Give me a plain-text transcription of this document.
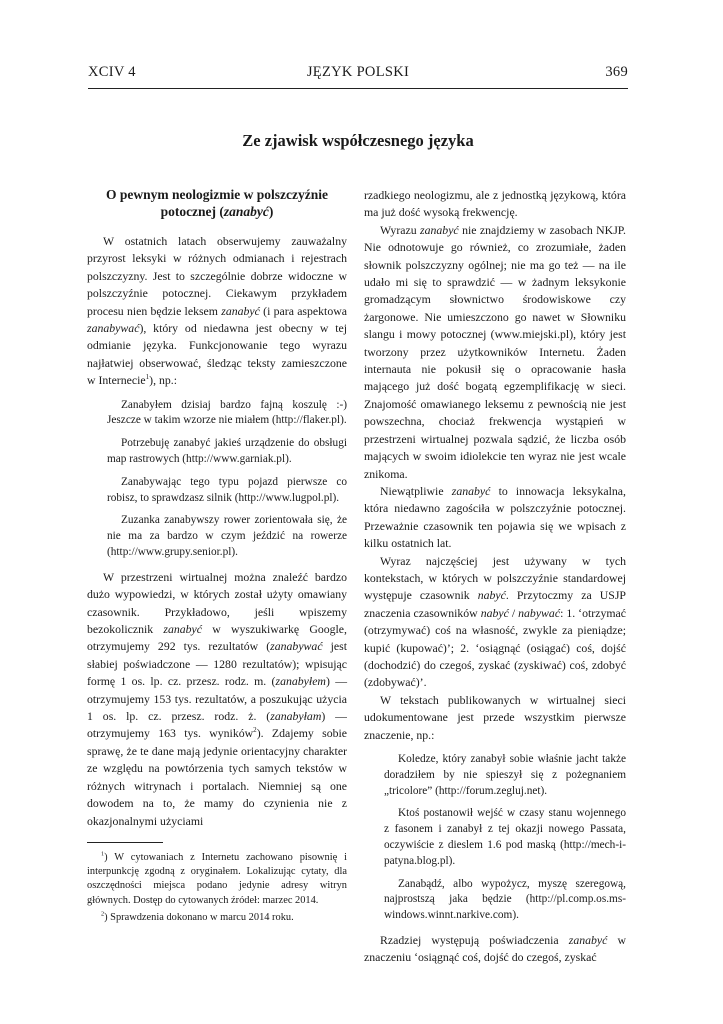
XCIV 4	JĘZYK POLSKI	369
Ze zjawisk współczesnego języka
O pewnym neologizmie w polszczyźnie
potocznej (zanabyć)

W ostatnich latach obserwujemy zauważalny przyrost leksyki w różnych odmianach i rejestrach polszczyzny. Jest to szczególnie dobrze widoczne w polszczyźnie potocznej. Ciekawym przykładem procesu nien będzie leksem zanabyć (i para aspektowa zanabywać), który od niedawna jest obecny w tej odmianie języka. Funkcjonowanie tego wyrazu najłatwiej obserwować, śledząc teksty zamieszczone w Internecie$^1$), np.:

Zanabyłem dzisiaj bardzo fajną koszulę :-) Jeszcze w takim wzorze nie miałem (http://flaker.pl).

Potrzebuję zanabyć jakieś urządzenie do obsługi map rastrowych (http://www.garniak.pl).

Zanabywając tego typu pojazd pierwsze co robisz, to sprawdzasz silnik (http://www.lugpol.pl).

Zuzanka zanabywszy rower zorientowała się, że nie ma za bardzo w czym jeździć na rowerze (http://www.grupy.senior.pl).

W przestrzeni wirtualnej można znaleźć bardzo dużo wypowiedzi, w których został użyty omawiany czasownik. Przykładowo, jeśli wpiszemy bezokolicznik zanabyć w wyszukiwarkę Google, otrzymujemy 292 tys. rezultatów (zanabywać jest słabiej poświadczone — 1280 rezultatów); wpisując formę 1 os. lp. cz. przesz. rodz. m. (zanabyłem) — otrzymujemy 153 tys. rezultatów, a poszukując użycia 1 os. lp. cz. przesz. rodz. ż. (zanabyłam) — otrzymujemy 163 tys. wyników$^2$). Zdajemy sobie sprawę, że te dane mają jedynie orientacyjny charakter ze względu na powtórzenia tych samych tekstów w różnych witrynach i portalach. Niemniej są one dowodem na to, że mamy do czynienia nie z okazjonalnymi użyciami

$^1$) W cytowaniach z Internetu zachowano pisownię i interpunkcję zgodną z oryginałem. Lokalizując cytaty, dla oszczędności miejsca podano jedynie adresy witryn głównych. Dostęp do cytowanych źródeł: marzec 2014.

$^2$) Sprawdzenia dokonano w marcu 2014 roku.

rzadkiego neologizmu, ale z jednostką językową, która ma już dość wysoką frekwencję.

Wyrazu zanabyć nie znajdziemy w zasobach NKJP. Nie odnotowuje go również, co zrozumiałe, żaden słownik polszczyzny ogólnej; nie ma go też — na ile udało mi się to sprawdzić — w żadnym leksykonie gromadzącym słownictwo środowiskowe czy żargonowe. Nie umieszczono go nawet w Słowniku slangu i mowy potocznej (www.miejski.pl), który jest tworzony przez użytkowników Internetu. Żaden internauta nie pokusił się o opracowanie hasła mającego już dość bogatą egzemplifikację w sieci. Znajomość omawianego leksemu z pewnością nie jest powszechna, chociaż frekwencja wystąpień w przestrzeni wirtualnej pozwala sądzić, że liczba osób mających w swoim idiolekcie ten wyraz nie jest wcale znikoma.

Niewątpliwie zanabyć to innowacja leksykalna, która niedawno zagościła w polszczyźnie potocznej. Przeważnie czasownik ten pojawia się we wpisach z kilku ostatnich lat.

Wyraz najczęściej jest używany w tych kontekstach, w których w polszczyźnie standardowej występuje czasownik nabyć. Przytoczmy za USJP znaczenia czasowników nabyć / nabywać: 1. ‘otrzymać (otrzymywać) coś na własność, zwykle za pieniądze; kupić (kupować)’; 2. ‘osiągnąć (osiągać) coś, dojść (dochodzić) do czegoś, zyskać (zyskiwać) coś, zdobyć (zdobywać)’.

W tekstach publikowanych w wirtualnej sieci udokumentowane jest przede wszystkim pierwsze znaczenie, np.:

Koledze, który zanabył sobie właśnie jacht także doradziłem by nie spieszył się z pożegnaniem „tricolore” (http://forum.zegluj.net).

Ktoś postanowił wejść w czasy stanu wojennego z fasonem i zanabył z tej okazji nowego Passata, oczywiście z dieslem 1.6 pod maską (http://mech-i-patyna.blog.pl).

Zanabądź, albo wypożycz, myszę szeregową, najprostszą jaka będzie (http://pl.comp.os.ms-windows.winnt.narkive.com).

Rzadziej występują poświadczenia zanabyć w znaczeniu ‘osiągnąć coś, dojść do czegoś, zyskać
